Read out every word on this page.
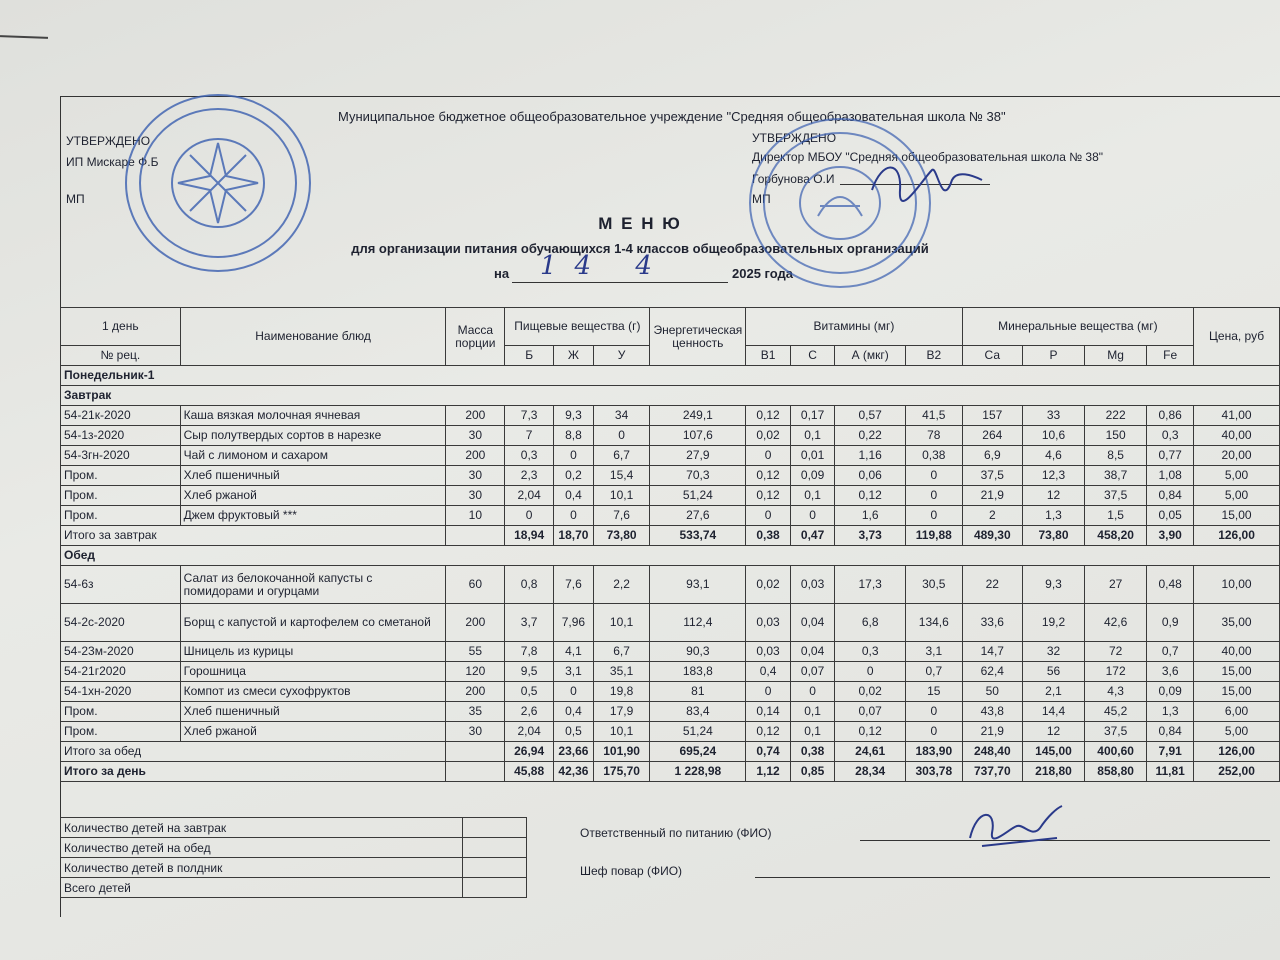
Муниципальное бюджетное общеобразовательное учреждение "Средняя общеобразовательная школа № 38"
УТВЕРЖДЕНО
ИП Мискаре Ф.Б
МП
УТВЕРЖДЕНО
Директор МБОУ "Средняя общеобразовательная школа № 38"
Горбунова О.И
МП
М Е Н Ю
для организации питания обучающихся 1-4 классов общеобразовательных организаций
на 14 4	2025 года
1 день	Наименование блюд	Масса порции	Пищевые вещества (г)			Энергетическая ценность	Витамины (мг)				Минеральные вещества (мг)				Цена, руб
№ рец.			Б	Ж	У		В1	С	А (мкг)	В2	Са	Р	Mg	Fe	
Понедельник-1															
Завтрак															
54-21к-2020	Каша вязкая молочная ячневая	200	7,3	9,3	34	249,1	0,12	0,17	0,57	41,5	157	33	222	0,86	41,00
54-1з-2020	Сыр полутвердых сортов в нарезке	30	7	8,8	0	107,6	0,02	0,1	0,22	78	264	10,6	150	0,3	40,00
54-3гн-2020	Чай с лимоном и сахаром	200	0,3	0	6,7	27,9	0	0,01	1,16	0,38	6,9	4,6	8,5	0,77	20,00
Пром.	Хлеб пшеничный	30	2,3	0,2	15,4	70,3	0,12	0,09	0,06	0	37,5	12,3	38,7	1,08	5,00
Пром.	Хлеб ржаной	30	2,04	0,4	10,1	51,24	0,12	0,1	0,12	0	21,9	12	37,5	0,84	5,00
Пром.	Джем фруктовый ***	10	0	0	7,6	27,6	0	0	1,6	0	2	1,3	1,5	0,05	15,00
Итого за завтрак			18,94	18,70	73,80	533,74	0,38	0,47	3,73	119,88	489,30	73,80	458,20	3,90	126,00
Обед															
54-6з	Салат из белокочанной капусты с помидорами и огурцами	60	0,8	7,6	2,2	93,1	0,02	0,03	17,3	30,5	22	9,3	27	0,48	10,00
54-2с-2020	Борщ с капустой и картофелем со сметаной	200	3,7	7,96	10,1	112,4	0,03	0,04	6,8	134,6	33,6	19,2	42,6	0,9	35,00
54-23м-2020	Шницель из курицы	55	7,8	4,1	6,7	90,3	0,03	0,04	0,3	3,1	14,7	32	72	0,7	40,00
54-21г2020	Горошница	120	9,5	3,1	35,1	183,8	0,4	0,07	0	0,7	62,4	56	172	3,6	15,00
54-1хн-2020	Компот из смеси сухофруктов	200	0,5	0	19,8	81	0	0	0,02	15	50	2,1	4,3	0,09	15,00
Пром.	Хлеб пшеничный	35	2,6	0,4	17,9	83,4	0,14	0,1	0,07	0	43,8	14,4	45,2	1,3	6,00
Пром.	Хлеб ржаной	30	2,04	0,5	10,1	51,24	0,12	0,1	0,12	0	21,9	12	37,5	0,84	5,00
Итого за обед			26,94	23,66	101,90	695,24	0,74	0,38	24,61	183,90	248,40	145,00	400,60	7,91	126,00
Итого за день			45,88	42,36	175,70	1 228,98	1,12	0,85	28,34	303,78	737,70	218,80	858,80	11,81	252,00
Количество детей на завтрак	
Количество детей на обед	
Количество детей в полдник	
Всего детей	
Ответственный по питанию (ФИО)
Шеф повар (ФИО)
